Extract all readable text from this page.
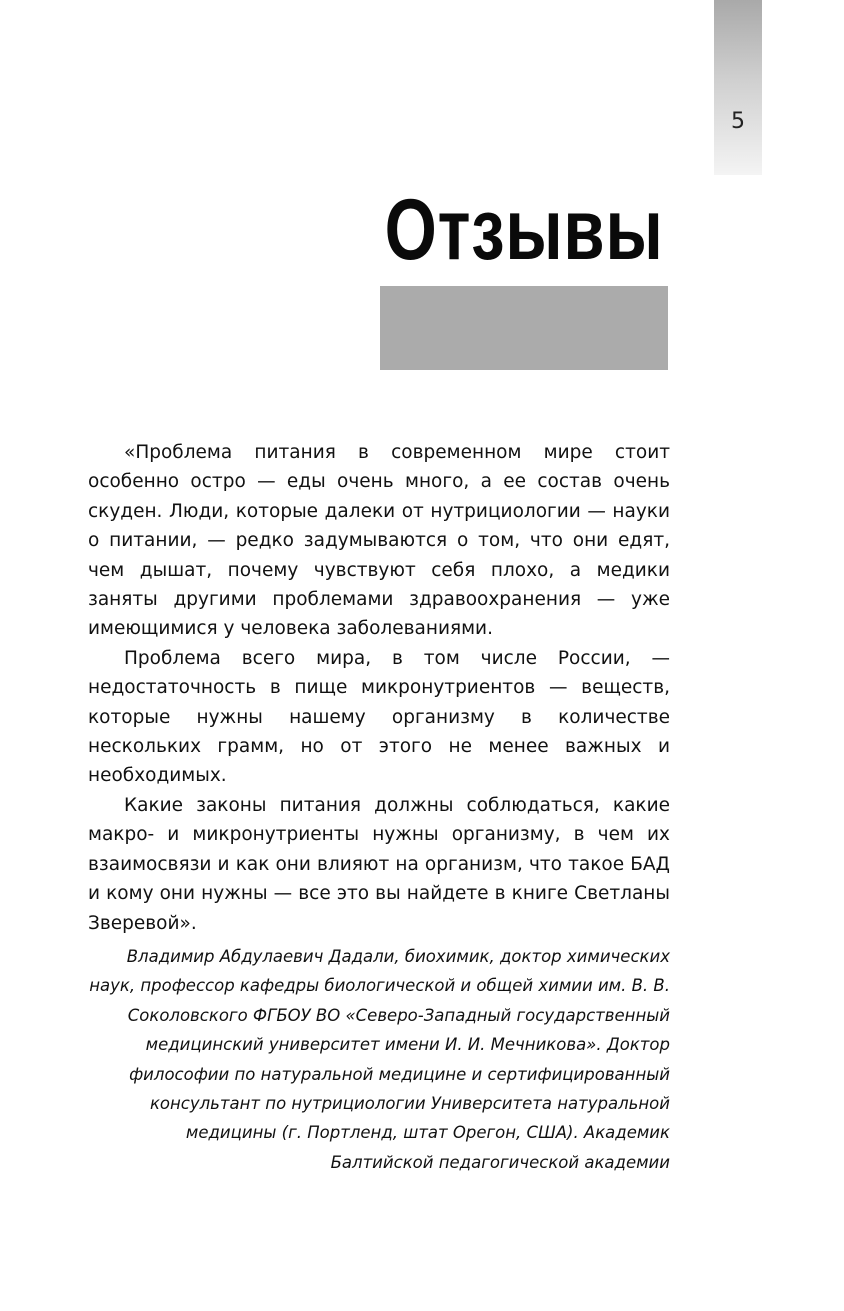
5
Отзывы

«Проблема питания в современном мире стоит особенно остро — еды очень много, а ее состав очень скуден. Люди, которые далеки от нутрициологии — науки о питании, — редко задумываются о том, что они едят, чем дышат, почему чувствуют себя плохо, а медики заняты другими проблемами здравоохранения — уже имеющимися у человека заболеваниями.

Проблема всего мира, в том числе России, — недостаточность в пище микронутриентов — веществ, которые нужны нашему организму в количестве нескольких грамм, но от этого не менее важных и необходимых.

Какие законы питания должны соблюдаться, какие макро- и микронутриенты нужны организму, в чем их взаимосвязи и как они влияют на организм, что такое БАД и кому они нужны — все это вы найдете в книге Светланы Зверевой».

Владимир Абдулаевич Дадали, биохимик, доктор химических наук, профессор кафедры биологической и общей химии им. В. В. Соколовского ФГБОУ ВО «Северо-Западный государственный медицинский университет имени И. И. Мечникова». Доктор философии по натуральной медицине и сертифицированный консультант по нутрициологии Университета натуральной медицины (г. Портленд, штат Орегон, США). Академик Балтийской педагогической академии
